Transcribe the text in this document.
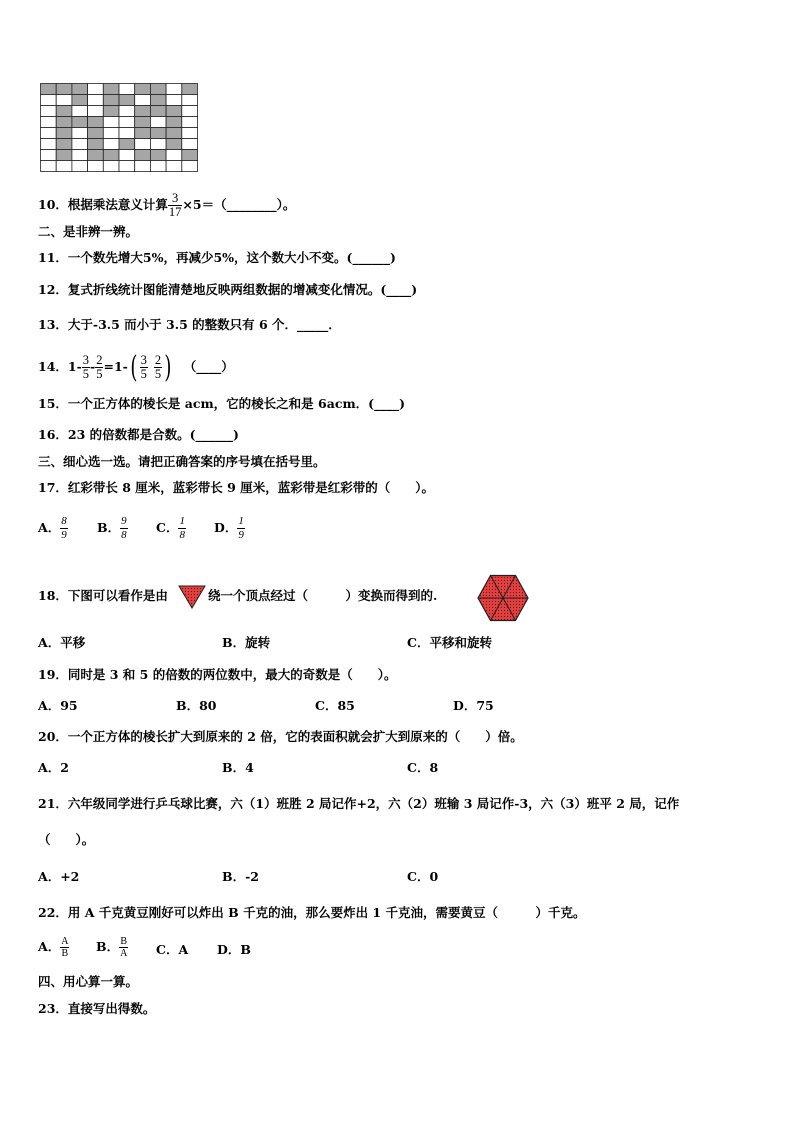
10．根据乘法意义计算 $\frac{3}{17}$ ×5＝（________）。
二、是非辨一辨。
11．一个数先增大5%，再减少5%，这个数大小不变。(______)
12．复式折线统计图能清楚地反映两组数据的增减变化情况。(____)
13．大于-3.5 而小于 3.5 的整数只有 6 个．_____．
14．$1- \frac{3}{5} - \frac{2}{5} =1-( \frac{3}{5} \frac{2}{5}$ ) （____）
15．一个正方体的棱长是 acm，它的棱长之和是 6acm．(____)
16．23 的倍数都是合数。(______)
三、细心选一选。请把正确答案的序号填在括号里。
17．红彩带长 8 厘米，蓝彩带长 9 厘米，蓝彩带是红彩带的（　　）。
A． $\frac{8}{9}$ B． $\frac{9}{8}$ C． $\frac{1}{8}$ D． $\frac{1}{9}$
18．下图可以看作是由	绕一个顶点经过（　　　）变换而得到的.
A．平移	B．旋转	C．平移和旋转
19．同时是 3 和 5 的倍数的两位数中，最大的奇数是（　　）。
A．95	B．80	C．85	D．75
20．一个正方体的棱长扩大到原来的 2 倍，它的表面积就会扩大到原来的（　　）倍。
A．2	B．4	C．8
21．六年级同学进行乒乓球比赛，六（1）班胜 2 局记作+2，六（2）班输 3 局记作-3，六（3）班平 2 局，记作
（　　）。
A．+2	B．-2	C．0
22．用 A 千克黄豆刚好可以炸出 B 千克的油，那么要炸出 1 千克油，需要黄豆（　　　）千克。
A． $\frac{A}{B}$ B． $\frac{B}{A}$ C．A D．B
四、用心算一算。
23．直接写出得数。
